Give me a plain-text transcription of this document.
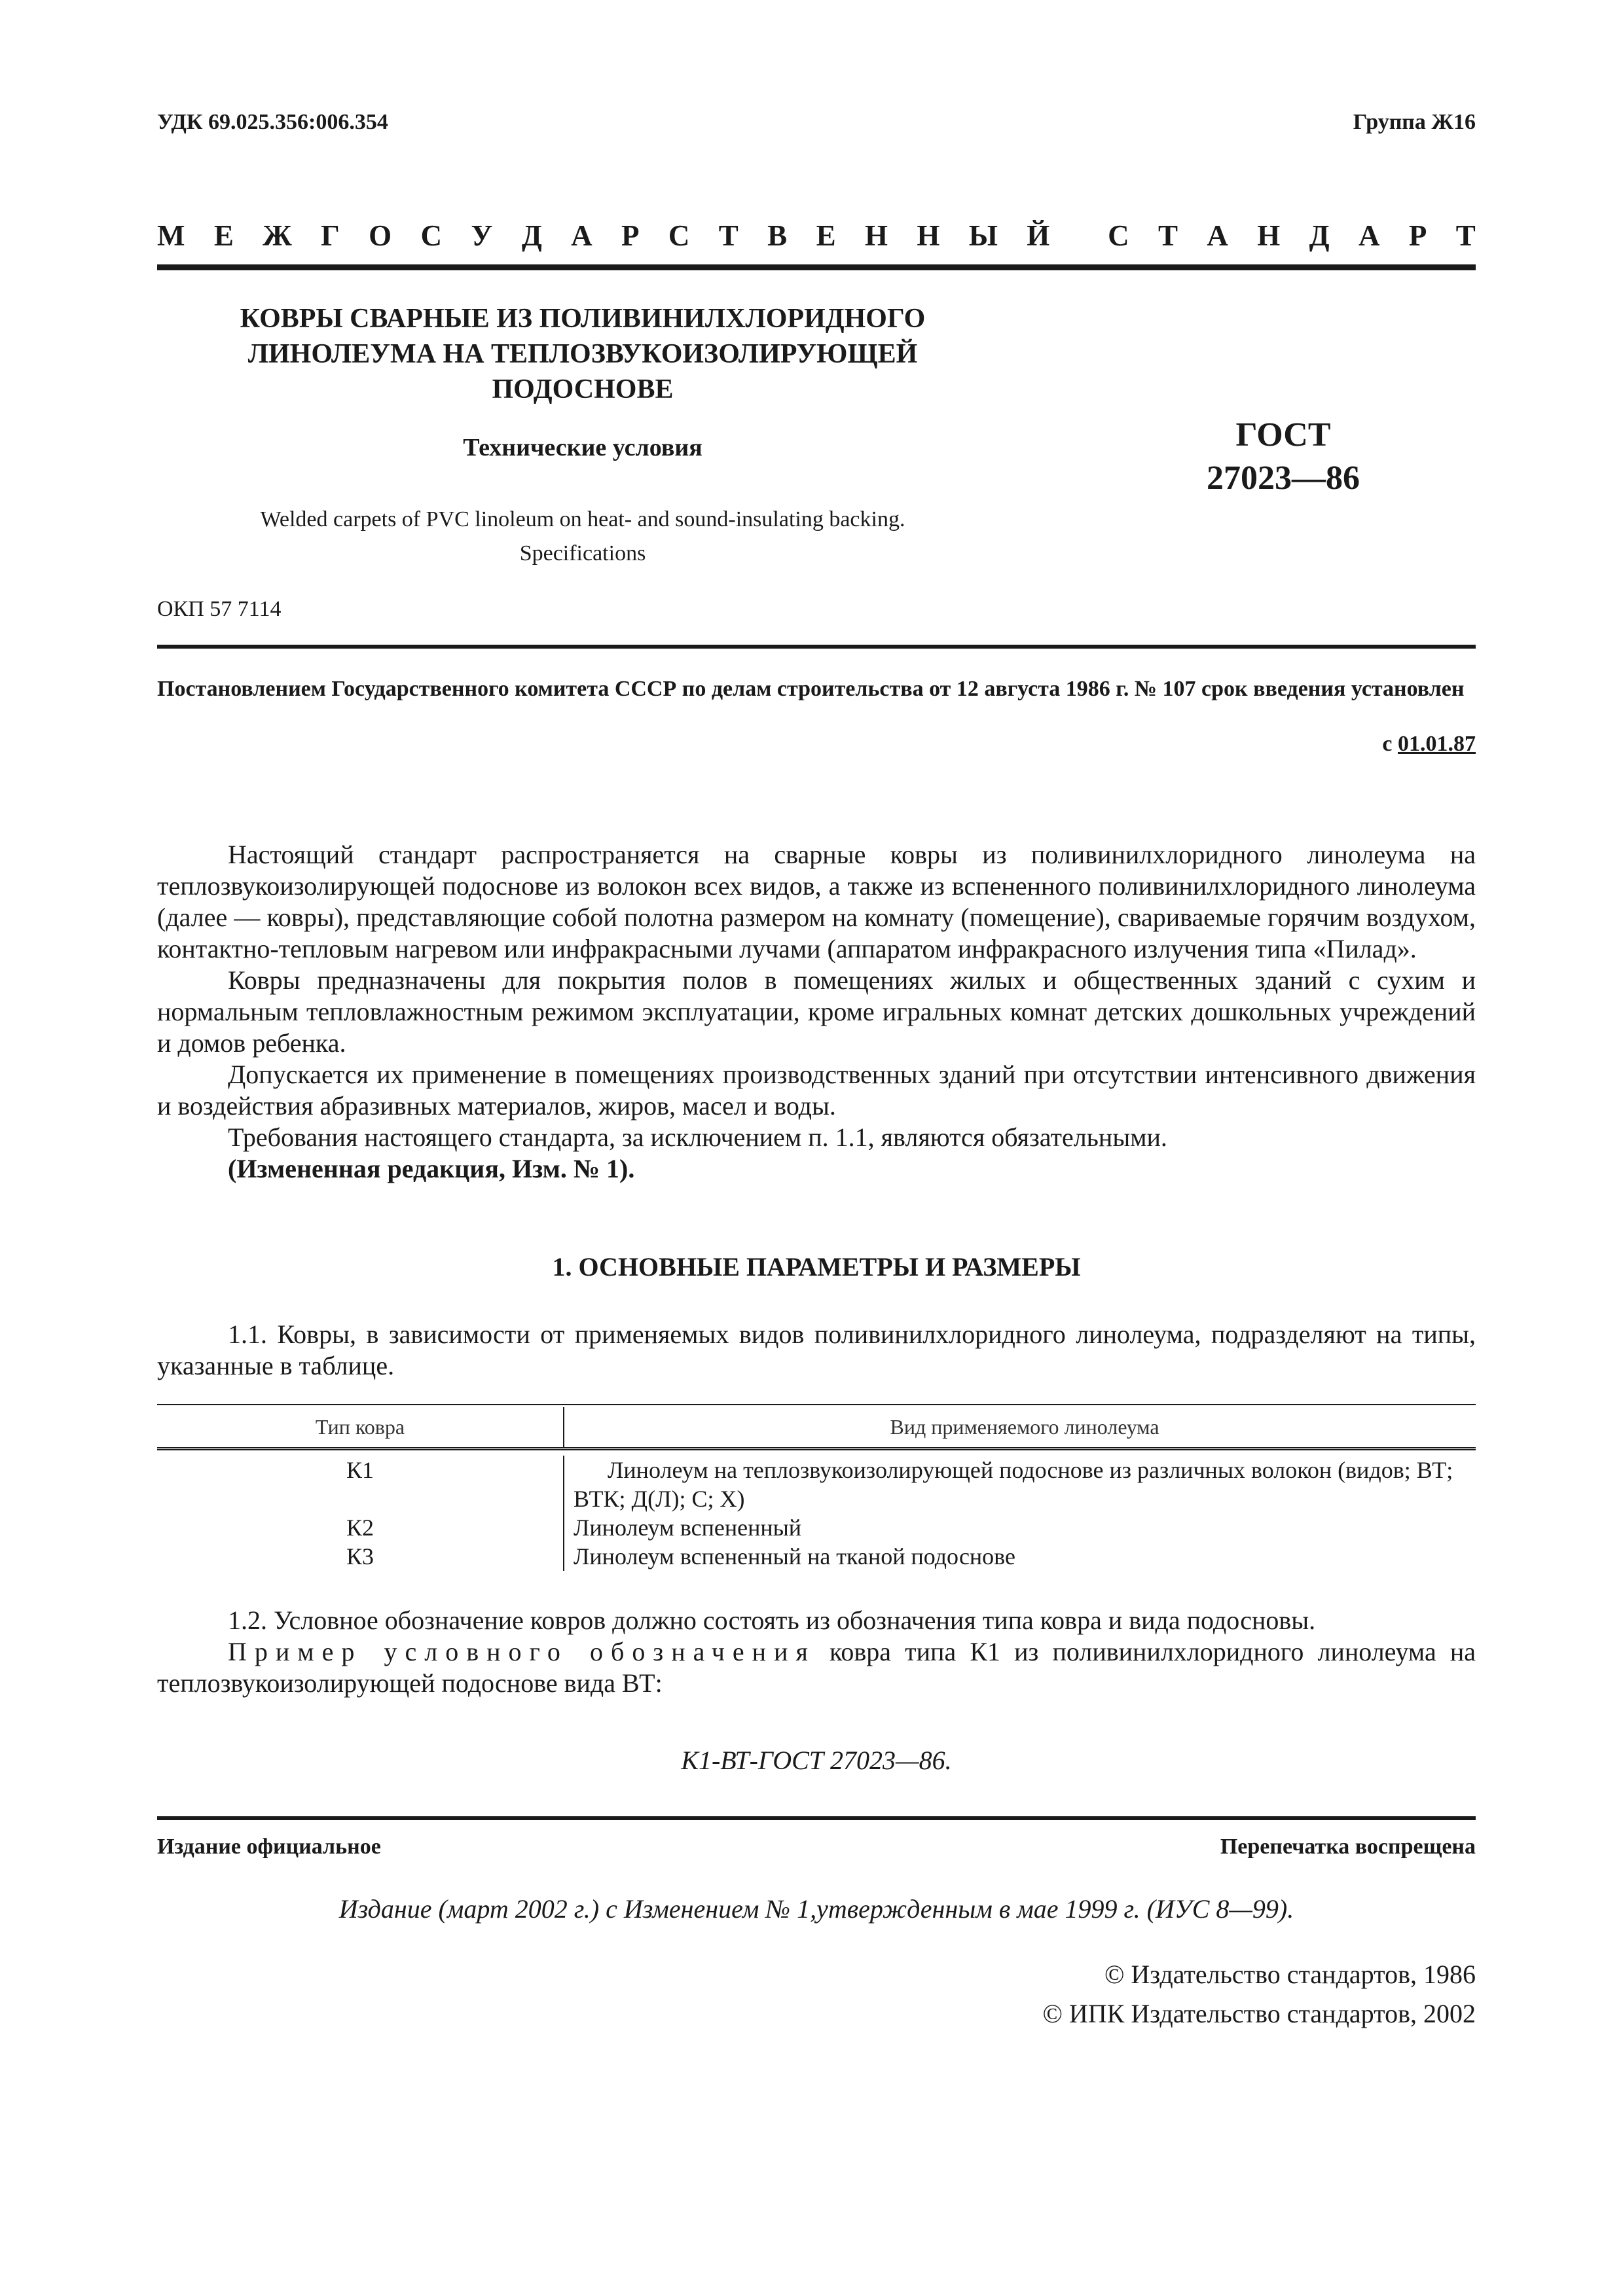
УДК 69.025.356:006.354	Группа Ж16
М Е Ж Г О С У Д А Р С Т В Е Н Н Ы Й С Т А Н Д А Р Т
КОВРЫ СВАРНЫЕ ИЗ ПОЛИВИНИЛХЛОРИДНОГО
ЛИНОЛЕУМА НА ТЕПЛОЗВУКОИЗОЛИРУЮЩЕЙ
ПОДОСНОВЕ
Технические условия	ГОСТ
27023—86
Welded carpets of PVC linoleum on heat- and sound-insulating backing.
Specifications
ОКП 57 7114
Постановлением Государственного комитета СССР по делам строительства от 12 августа 1986 г. № 107 срок введения установлен
с 01.01.87

Настоящий стандарт распространяется на сварные ковры из поливинилхлоридного линолеума на теплозвукоизолирующей подоснове из волокон всех видов, а также из вспененного поливинилхлоридного линолеума (далее — ковры), представляющие собой полотна размером на комнату (помещение), свариваемые горячим воздухом, контактно-тепловым нагревом или инфракрасными лучами (аппаратом инфракрасного излучения типа «Пилад».

Ковры предназначены для покрытия полов в помещениях жилых и общественных зданий с сухим и нормальным тепловлажностным режимом эксплуатации, кроме игральных комнат детских дошкольных учреждений и домов ребенка.

Допускается их применение в помещениях производственных зданий при отсутствии интенсивного движения и воздействия абразивных материалов, жиров, масел и воды.

Требования настоящего стандарта, за исключением п. 1.1, являются обязательными.

(Измененная редакция, Изм. № 1).

1. ОСНОВНЫЕ ПАРАМЕТРЫ И РАЗМЕРЫ

1.1. Ковры, в зависимости от применяемых видов поливинилхлоридного линолеума, подразделяют на типы, указанные в таблице.

Тип ковра	Вид применяемого линолеума

К1	Линолеум на теплозвукоизолирующей подоснове из различных волокон (видов; ВТ; ВТК; Д(Л); С; Х)
К2	Линолеум вспененный
К3	Линолеум вспененный на тканой подоснове

1.2. Условное обозначение ковров должно состоять из обозначения типа ковра и вида подосновы.

Пример условного обозначения ковра типа К1 из поливинилхлоридного линолеума на теплозвукоизолирующей подоснове вида ВТ:

К1-ВТ-ГОСТ 27023—86.
Издание официальное	Перепечатка воспрещена
Издание (март 2002 г.) с Изменением № 1,утвержденным в мае 1999 г. (ИУС 8—99).
© Издательство стандартов, 1986
© ИПК Издательство стандартов, 2002
